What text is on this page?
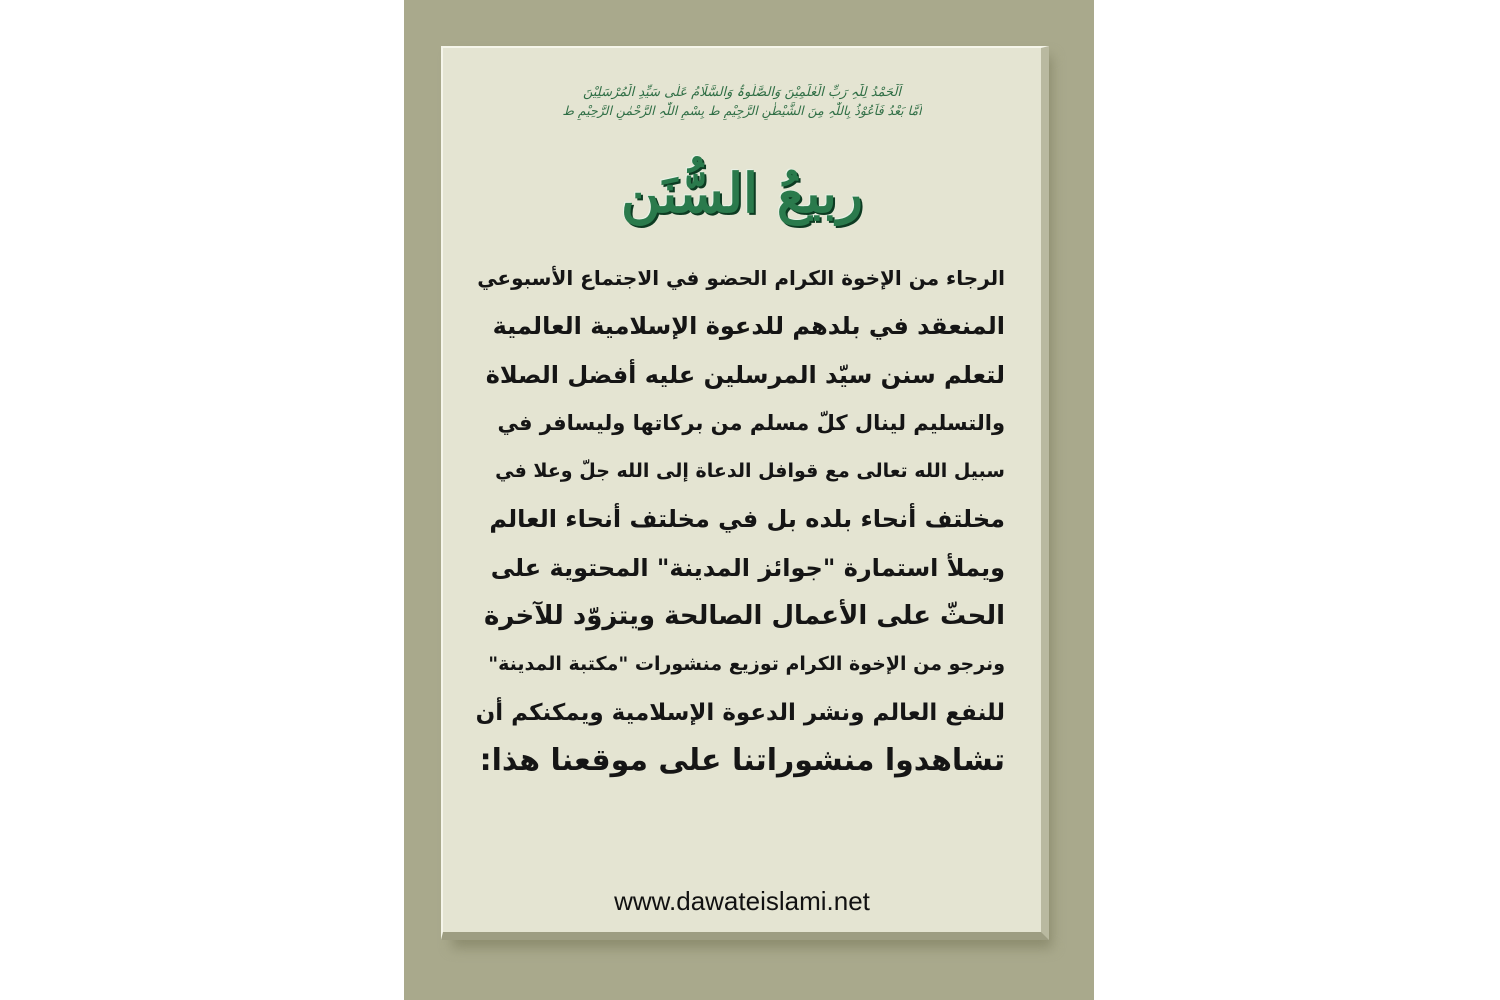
اَلْحَمْدُ لِلّٰہِ رَبِّ الْعٰلَمِیْنَ وَالصَّلٰوۃُ وَالسَّلَامُ عَلٰی سَیِّدِ الْمُرْسَلِیْنَ
اَمَّا بَعْدُ فَاَعُوْذُ بِاللّٰہِ مِنَ الشَّیْطٰنِ الرَّجِیْمِ ط بِسْمِ اللّٰہِ الرَّحْمٰنِ الرَّحِیْمِ ط
ربيعُ السُّنَن
الرجاء من الإخوة الكرام الحضو في الاجتماع الأسبوعي
المنعقد في بلدهم للدعوة الإسلامية العالمية
لتعلم سنن سيّد المرسلين عليه أفضل الصلاة
والتسليم لينال كلّ مسلم من بركاتها وليسافر في
سبيل الله تعالى مع قوافل الدعاة إلى الله جلّ وعلا في
مخلتف أنحاء بلده بل في مخلتف أنحاء العالم
ويملأ استمارة "جوائز المدينة" المحتوية على
الحثّ على الأعمال الصالحة ويتزوّد للآخرة
ونرجو من الإخوة الكرام توزيع منشورات "مكتبة المدينة"
للنفع العالم ونشر الدعوة الإسلامية ويمكنكم أن
تشاهدوا منشوراتنا على موقعنا هذا:
www.dawateislami.net
